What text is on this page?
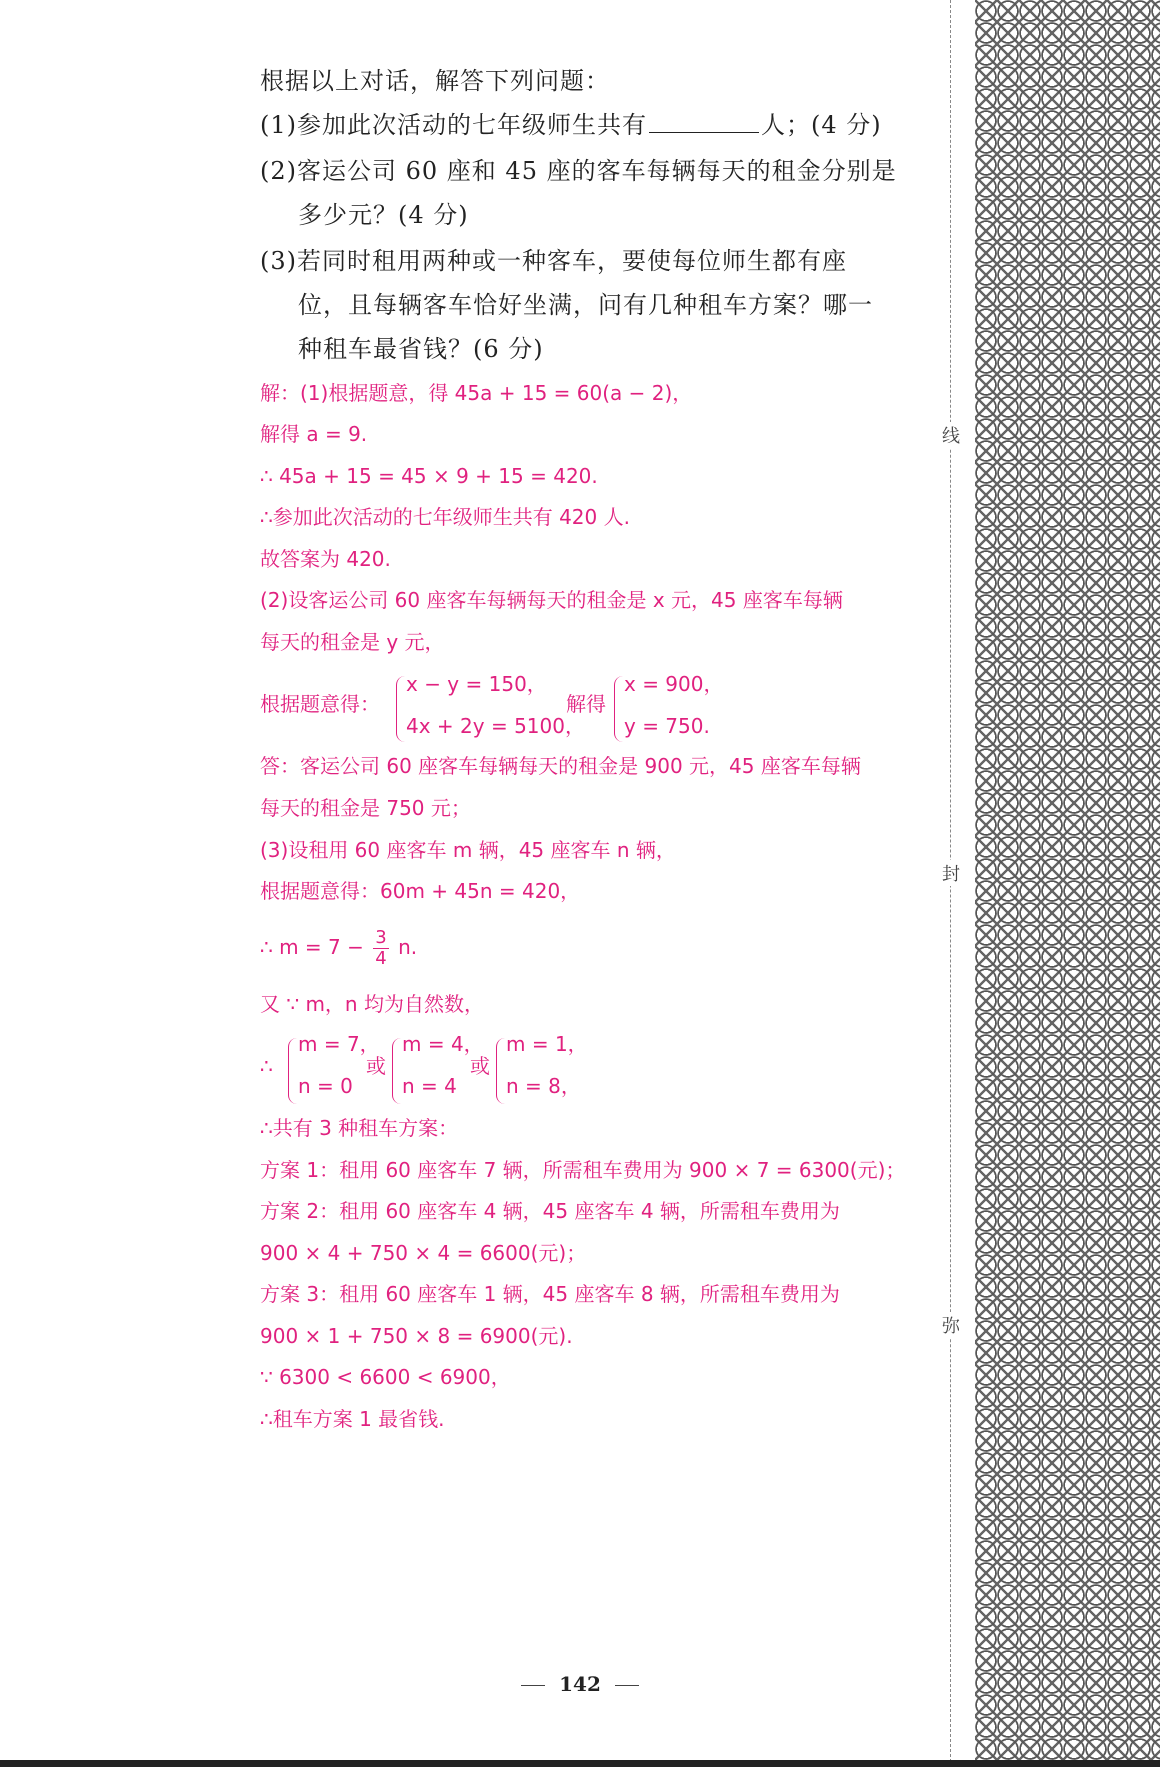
根据以上对话，解答下列问题：
(1)参加此次活动的七年级师生共有	人；(4 分)
(2)客运公司 60 座和 45 座的客车每辆每天的租金分别是
多少元？(4 分)
(3)若同时租用两种或一种客车，要使每位师生都有座
位，且每辆客车恰好坐满，问有几种租车方案？哪一
种租车最省钱？(6 分)
解：(1)根据题意，得 45a + 15 = 60(a − 2)，
解得 a = 9.
∴ 45a + 15 = 45 × 9 + 15 = 420.
∴参加此次活动的七年级师生共有 420 人.
故答案为 420.
(2)设客运公司 60 座客车每辆每天的租金是 x 元，45 座客车每辆
每天的租金是 y 元，
根据题意得：
x − y = 150，
4x + 2y = 5100，
解得
x = 900，
y = 750.
答：客运公司 60 座客车每辆每天的租金是 900 元，45 座客车每辆
每天的租金是 750 元；
(3)设租用 60 座客车 m 辆，45 座客车 n 辆，
根据题意得：60m + 45n = 420，
∴ $m = 7 - \frac{3}{4} n$.
又 ∵ m，n 均为自然数，
∴
m = 7，
n = 0
或
m = 4，
n = 4
或
m = 1，
n = 8，
∴共有 3 种租车方案：
方案 1：租用 60 座客车 7 辆，所需租车费用为 900 × 7 = 6300(元)；
方案 2：租用 60 座客车 4 辆，45 座客车 4 辆，所需租车费用为
900 × 4 + 750 × 4 = 6600(元)；
方案 3：租用 60 座客车 1 辆，45 座客车 8 辆，所需租车费用为
900 × 1 + 750 × 8 = 6900(元).
∵ 6300 < 6600 < 6900，
∴租车方案 1 最省钱.
线
封
弥
142
